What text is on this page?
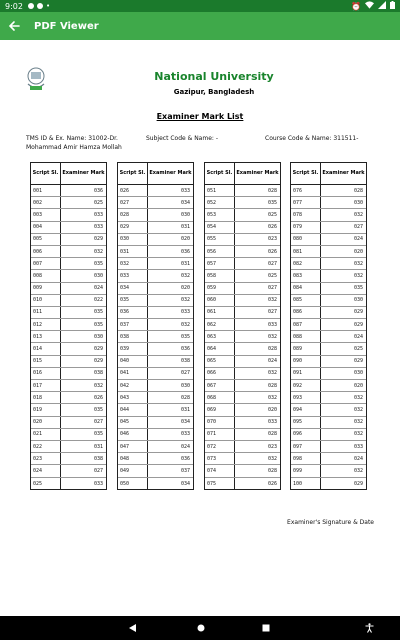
9:02	•	⏰
PDF Viewer
National University
Gazipur, Bangladesh
Examiner Mark List
TMS ID & Ex. Name: 31002-Dr. Mohammad Amir Hamza Mollah
Subject Code & Name: -	Course Code & Name: 311511-
Script Sl. Examiner Mark
001	036
002	025
003	033
004	033
005	029
006	032
007	035
008	030
009	024
010	022
011	035
012	035
013	030
014	029
015	029
016	038
017	032
018	026
019	035
020	027
021	035
022	031
023	038
024	027
025	033
Script Sl. Examiner Mark
026	033
027	034
028	030
029	031
030	020
031	036
032	031
033	032
034	020
035	032
036	033
037	032
038	035
039	036
040	038
041	027
042	030
043	028
044	031
045	034
046	033
047	024
048	036
049	037
050	034
Script Sl. Examiner Mark
051	028
052	035
053	025
054	026
055	023
056	026
057	027
058	025
059	027
060	032
061	027
062	033
063	032
064	028
065	024
066	032
067	028
068	032
069	020
070	033
071	028
072	023
073	032
074	028
075	026
Script Sl. Examiner Mark
076	028
077	030
078	032
079	027
080	024
081	020
082	032
083	032
084	035
085	030
086	029
087	029
088	024
089	025
090	029
091	030
092	020
093	032
094	032
095	032
096	032
097	033
098	024
099	032
100	029
Examiner's Signature & Date
